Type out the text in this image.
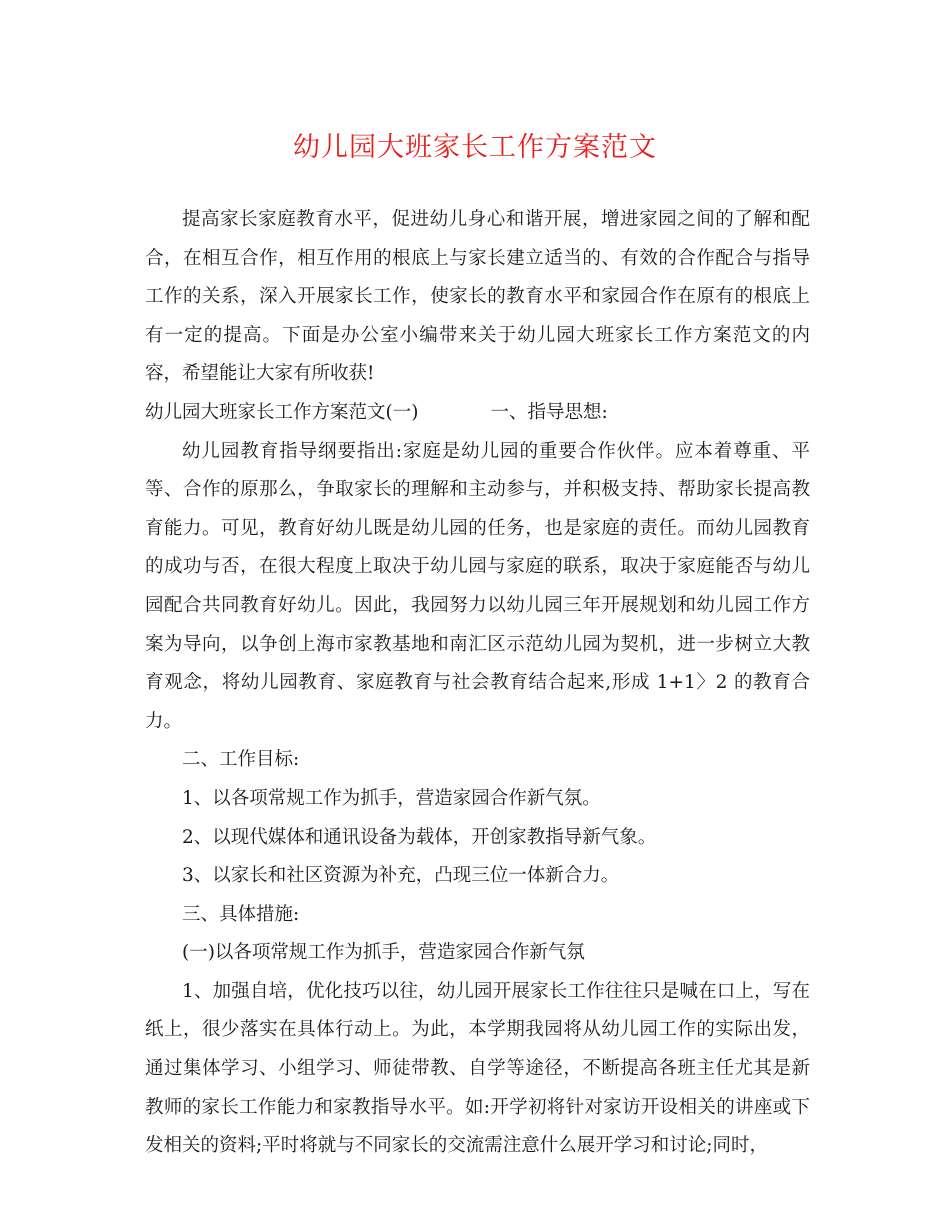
幼儿园大班家长工作方案范文

提高家长家庭教育水平，促进幼儿身心和谐开展，增进家园之间的了解和配合，在相互合作，相互作用的根底上与家长建立适当的、有效的合作配合与指导工作的关系，深入开展家长工作，使家长的教育水平和家园合作在原有的根底上有一定的提高。下面是办公室小编带来关于幼儿园大班家长工作方案范文的内容，希望能让大家有所收获!

幼儿园大班家长工作方案范文(一)	一、指导思想:

幼儿园教育指导纲要指出:家庭是幼儿园的重要合作伙伴。应本着尊重、平等、合作的原那么，争取家长的理解和主动参与，并积极支持、帮助家长提高教育能力。可见，教育好幼儿既是幼儿园的任务，也是家庭的责任。而幼儿园教育的成功与否，在很大程度上取决于幼儿园与家庭的联系，取决于家庭能否与幼儿园配合共同教育好幼儿。因此，我园努力以幼儿园三年开展规划和幼儿园工作方案为导向，以争创上海市家教基地和南汇区示范幼儿园为契机，进一步树立大教育观念，将幼儿园教育、家庭教育与社会教育结合起来,形成 1+1〉2 的教育合力。

二、工作目标:

1、以各项常规工作为抓手，营造家园合作新气氛。

2、以现代媒体和通讯设备为载体，开创家教指导新气象。

3、以家长和社区资源为补充，凸现三位一体新合力。

三、具体措施:

(一)以各项常规工作为抓手，营造家园合作新气氛

1、加强自培，优化技巧以往，幼儿园开展家长工作往往只是喊在口上，写在纸上，很少落实在具体行动上。为此，本学期我园将从幼儿园工作的实际出发，通过集体学习、小组学习、师徒带教、自学等途径，不断提高各班主任尤其是新教师的家长工作能力和家教指导水平。如:开学初将针对家访开设相关的讲座或下发相关的资料;平时将就与不同家长的交流需注意什么展开学习和讨论;同时，
